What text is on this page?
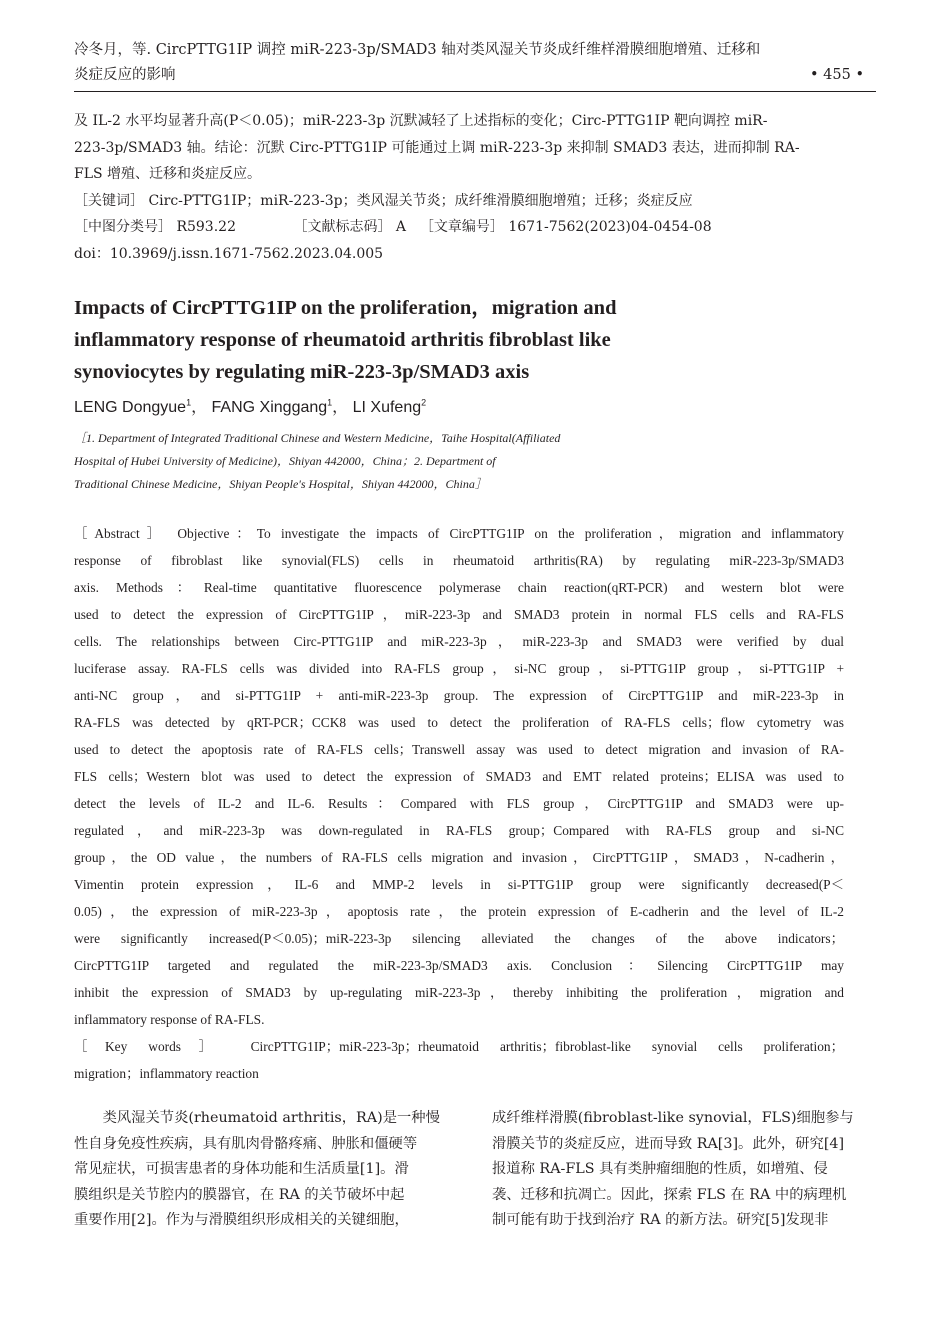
冷冬月，等. CircPTTG1IP 调控 miR-223-3p/SMAD3 轴对类风湿关节炎成纤维样滑膜细胞增殖、迁移和
炎症反应的影响	• 455 •
及 IL-2 水平均显著升高(P＜0.05)；miR-223-3p 沉默减轻了上述指标的变化；Circ-PTTG1IP 靶向调控 miR-
223-3p/SMAD3 轴。结论：沉默 Circ-PTTG1IP 可能通过上调 miR-223-3p 来抑制 SMAD3 表达，进而抑制 RA-
FLS 增殖、迁移和炎症反应。
［关键词］ Circ-PTTG1IP；miR-223-3p；类风湿关节炎；成纤维滑膜细胞增殖；迁移；炎症反应
［中图分类号］ R593.22	［文献标志码］ A ［文章编号］ 1671-7562(2023)04-0454-08
doi：10.3969/j.issn.1671-7562.2023.04.005
Impacts of CircPTTG1IP on the proliferation，migration and
inflammatory response of rheumatoid arthritis fibroblast like
synoviocytes by regulating miR-223-3p/SMAD3 axis
LENG Dongyue$^1$， FANG Xinggang$^1$， LI Xufeng$^2$
［1. Department of Integrated Traditional Chinese and Western Medicine，Taihe Hospital(Affiliated
Hospital of Hubei University of Medicine)，Shiyan 442000，China；2. Department of
Traditional Chinese Medicine，Shiyan People's Hospital，Shiyan 442000，China］
［Abstract］ Objective：To investigate the impacts of CircPTTG1IP on the proliferation，migration and inflammatory
response of fibroblast like synovial(FLS) cells in rheumatoid arthritis(RA) by regulating miR-223-3p/SMAD3
axis. Methods：Real-time quantitative fluorescence polymerase chain reaction(qRT-PCR) and western blot were
used to detect the expression of CircPTTG1IP，miR-223-3p and SMAD3 protein in normal FLS cells and RA-FLS
cells. The relationships between Circ-PTTG1IP and miR-223-3p，miR-223-3p and SMAD3 were verified by dual
luciferase assay. RA-FLS cells was divided into RA-FLS group，si-NC group，si-PTTG1IP group，si-PTTG1IP +
anti-NC group，and si-PTTG1IP + anti-miR-223-3p group. The expression of CircPTTG1IP and miR-223-3p in
RA-FLS was detected by qRT-PCR；CCK8 was used to detect the proliferation of RA-FLS cells；flow cytometry was
used to detect the apoptosis rate of RA-FLS cells；Transwell assay was used to detect migration and invasion of RA-
FLS cells；Western blot was used to detect the expression of SMAD3 and EMT related proteins；ELISA was used to
detect the levels of IL-2 and IL-6. Results：Compared with FLS group，CircPTTG1IP and SMAD3 were up-
regulated，and miR-223-3p was down-regulated in RA-FLS group；Compared with RA-FLS group and si-NC
group，the OD value，the numbers of RA-FLS cells migration and invasion，CircPTTG1IP，SMAD3，N-cadherin，
Vimentin protein expression，IL-6 and MMP-2 levels in si-PTTG1IP group were significantly decreased(P＜
0.05)，the expression of miR-223-3p，apoptosis rate，the protein expression of E-cadherin and the level of IL-2
were significantly increased(P＜0.05)；miR-223-3p silencing alleviated the changes of the above indicators；
CircPTTG1IP targeted and regulated the miR-223-3p/SMAD3 axis. Conclusion：Silencing CircPTTG1IP may
inhibit the expression of SMAD3 by up-regulating miR-223-3p，thereby inhibiting the proliferation，migration and
inflammatory response of RA-FLS.
［Key words］ CircPTTG1IP；miR-223-3p；rheumatoid arthritis；fibroblast-like synovial cells proliferation；
migration；inflammatory reaction
　　类风湿关节炎(rheumatoid arthritis，RA)是一种慢
性自身免疫性疾病，具有肌肉骨骼疼痛、肿胀和僵硬等
常见症状，可损害患者的身体功能和生活质量[1]。滑
膜组织是关节腔内的膜器官，在 RA 的关节破坏中起
重要作用[2]。作为与滑膜组织形成相关的关键细胞，
成纤维样滑膜(fibroblast-like synovial，FLS)细胞参与
滑膜关节的炎症反应，进而导致 RA[3]。此外，研究[4]
报道称 RA-FLS 具有类肿瘤细胞的性质，如增殖、侵
袭、迁移和抗凋亡。因此，探索 FLS 在 RA 中的病理机
制可能有助于找到治疗 RA 的新方法。研究[5]发现非
